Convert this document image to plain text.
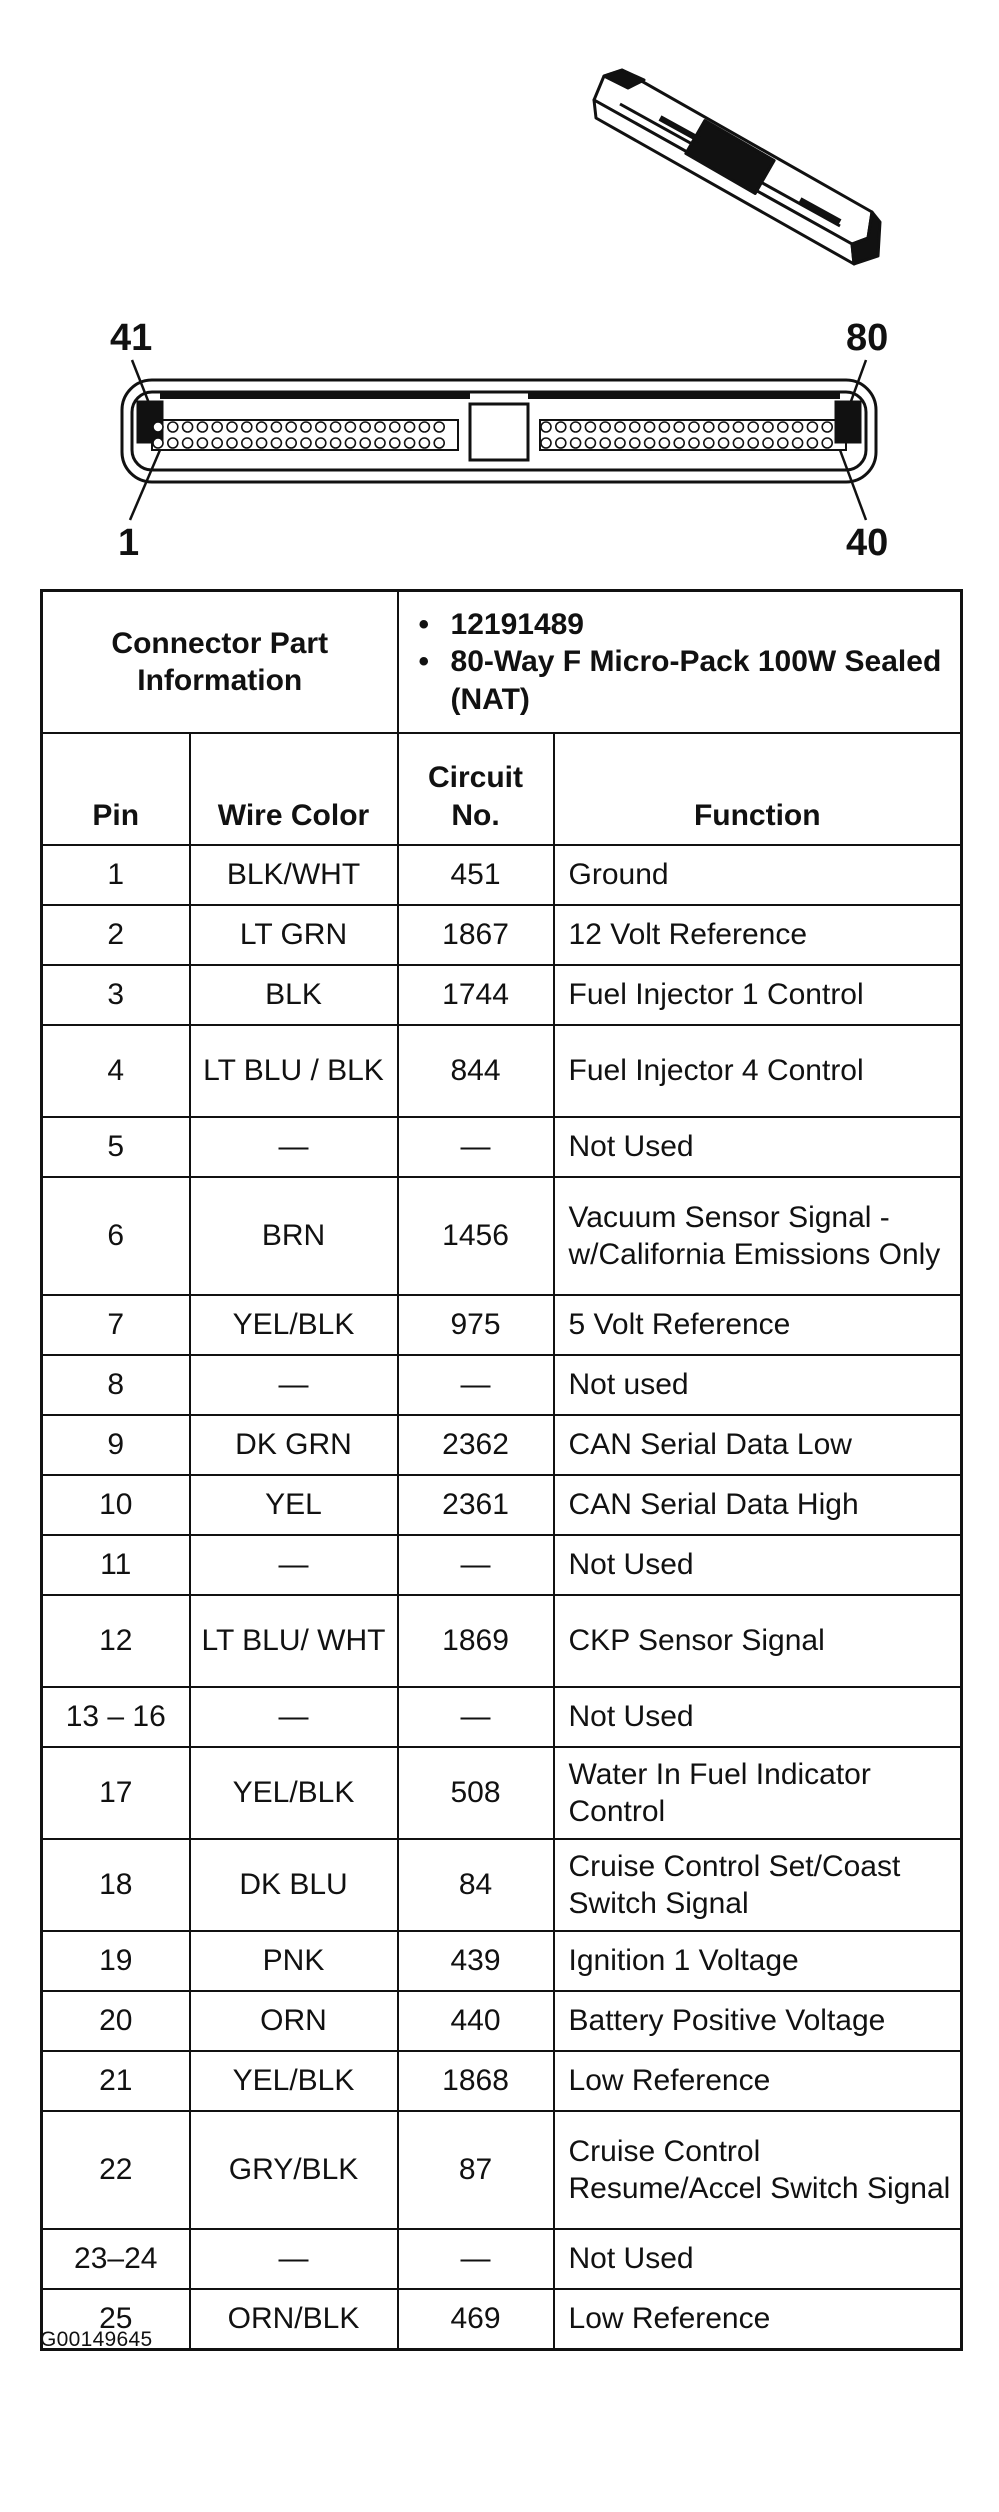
41	80
1	40
Connector Part Information		• 12191489
• 80-Way F Micro-Pack 100W Sealed (NAT)	

Pin	Wire Color	Circuit No.	Function
1	BLK/WHT	451	Ground
2	LT GRN	1867	12 Volt Reference
3	BLK	1744	Fuel Injector 1 Control
4	LT BLU / BLK	844	Fuel Injector 4 Control
5	—	—	Not Used
6	BRN	1456	Vacuum Sensor Signal - w/California Emissions Only
7	YEL/BLK	975	5 Volt Reference
8	—	—	Not used
9	DK GRN	2362	CAN Serial Data Low
10	YEL	2361	CAN Serial Data High
11	—	—	Not Used
12	LT BLU/ WHT	1869	CKP Sensor Signal
13 – 16	—	—	Not Used
17	YEL/BLK	508	Water In Fuel Indicator Control
18	DK BLU	84	Cruise Control Set/Coast Switch Signal
19	PNK	439	Ignition 1 Voltage
20	ORN	440	Battery Positive Voltage
21	YEL/BLK	1868	Low Reference
22	GRY/BLK	87	Cruise Control Resume/Accel Switch Signal
23–24	—	—	Not Used
25	ORN/BLK	469	Low Reference
G00149645
